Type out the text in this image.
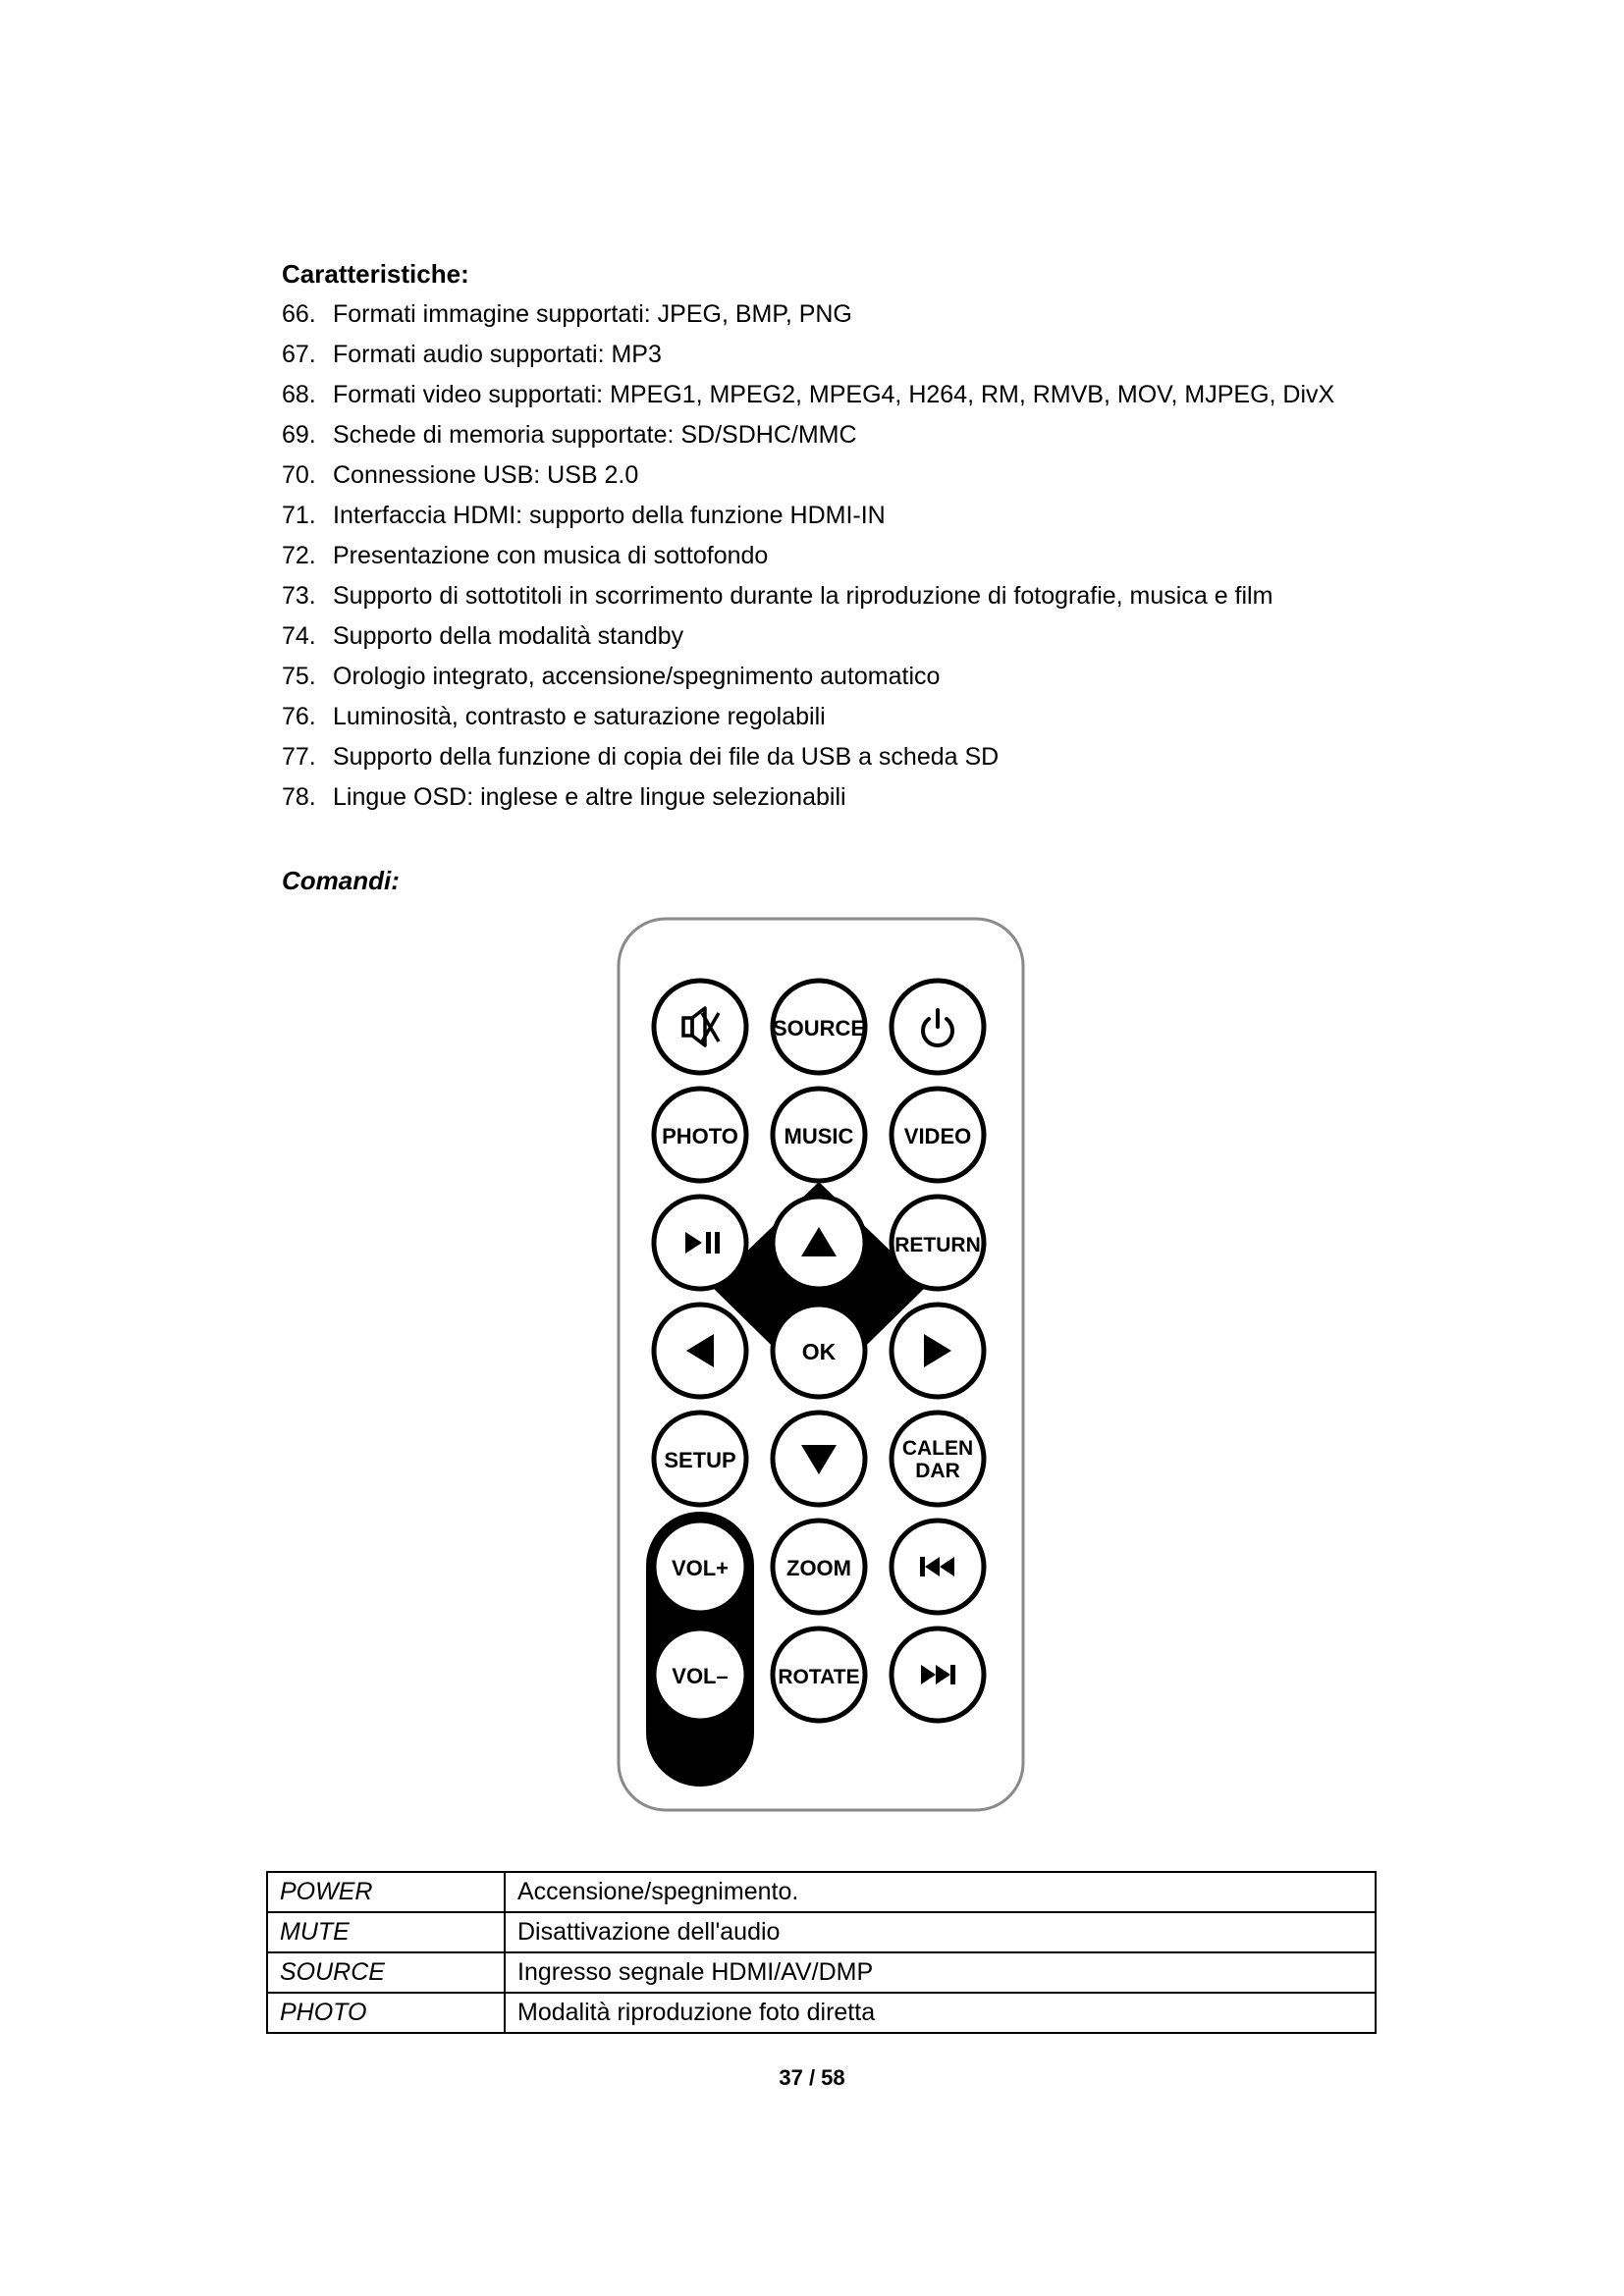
Caratteristiche:
66. Formati immagine supportati: JPEG, BMP, PNG
67. Formati audio supportati: MP3
68. Formati video supportati: MPEG1, MPEG2, MPEG4, H264, RM, RMVB, MOV, MJPEG, DivX
69. Schede di memoria supportate: SD/SDHC/MMC
70. Connessione USB: USB 2.0
71. Interfaccia HDMI: supporto della funzione HDMI-IN
72. Presentazione con musica di sottofondo
73. Supporto di sottotitoli in scorrimento durante la riproduzione di fotografie, musica e film
74. Supporto della modalità standby
75. Orologio integrato, accensione/spegnimento automatico
76. Luminosità, contrasto e saturazione regolabili
77. Supporto della funzione di copia dei file da USB a scheda SD
78. Lingue OSD: inglese e altre lingue selezionabili
Comandi:
SOURCE
PHOTO MUSIC VIDEO
RETURN
OK
SETUP	CALEN
DAR
VOL+	ZOOM
VOL– ROTATE
POWER	Accensione/spegnimento.
MUTE	Disattivazione dell'audio
SOURCE	Ingresso segnale HDMI/AV/DMP
PHOTO	Modalità riproduzione foto diretta
37 / 58
